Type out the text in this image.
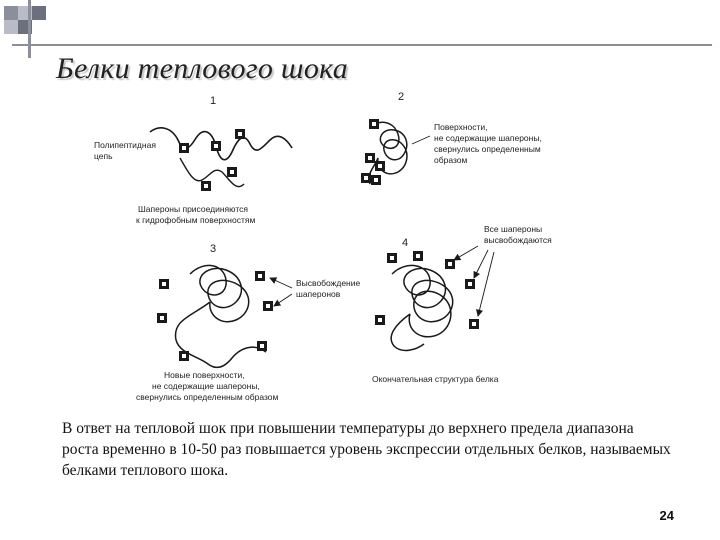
Белки теплового шока
1
Полипептидная
цепь
Шапероны присоединяются
к гидрофобным поверхностям
2
Поверхности,
не содержащие шапероны,
свернулись определенным
образом
3
Высвобождение
шаперонов
Новые поверхности,
не содержащие шапероны,
свернулись определенным образом
4
Все шапероны
высвобождаются
Окончательная структура белка

В ответ на тепловой шок при повышении температуры до верхнего предела диапазона роста временно в 10-50 раз повышается уровень экспрессии отдельных белков, называемых белками теплового шока.

24
